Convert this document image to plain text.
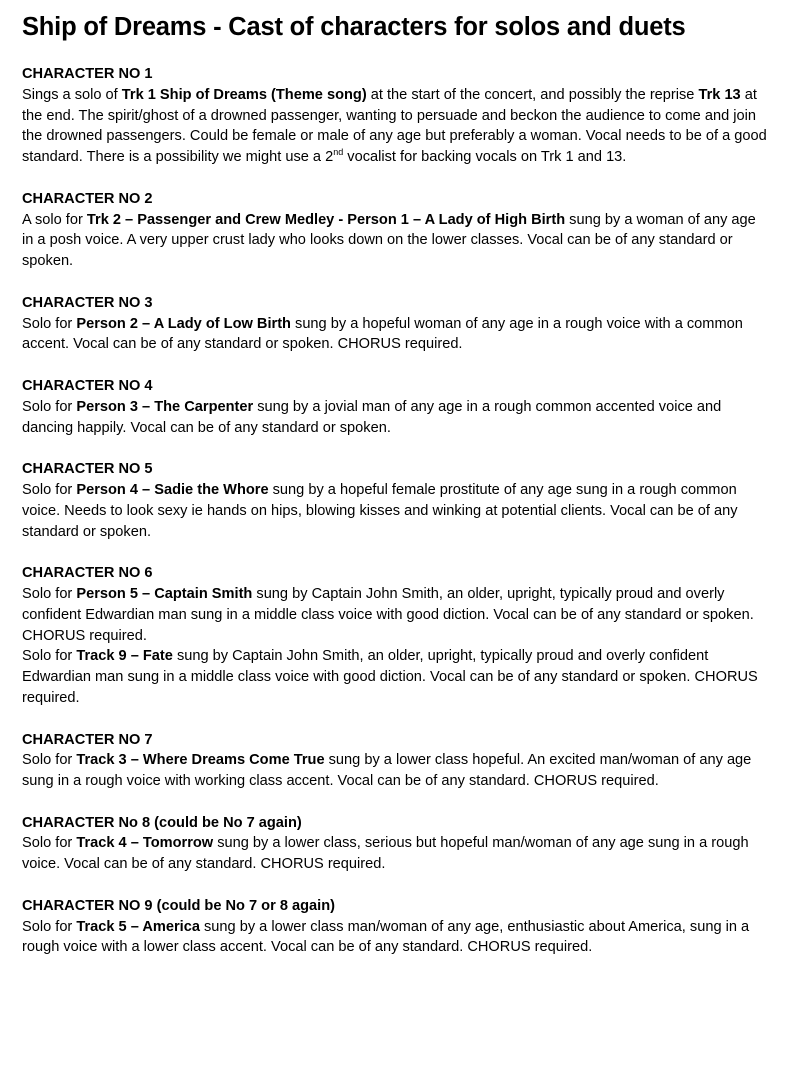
Ship of Dreams - Cast of characters for solos and duets
CHARACTER NO 1
Sings a solo of Trk 1 Ship of Dreams (Theme song) at the start of the concert, and possibly the reprise Trk 13 at the end. The spirit/ghost of a drowned passenger, wanting to persuade and beckon the audience to come and join the drowned passengers. Could be female or male of any age but preferably a woman. Vocal needs to be of a good standard. There is a possibility we might use a 2nd vocalist for backing vocals on Trk 1 and 13.
CHARACTER NO 2
A solo for Trk 2 – Passenger and Crew Medley - Person 1 – A Lady of High Birth sung by a woman of any age in a posh voice. A very upper crust lady who looks down on the lower classes. Vocal can be of any standard or spoken.
CHARACTER NO 3
Solo for Person 2 – A Lady of Low Birth sung by a hopeful woman of any age in a rough voice with a common accent. Vocal can be of any standard or spoken. CHORUS required.
CHARACTER NO 4
Solo for Person 3 – The Carpenter sung by a jovial man of any age in a rough common accented voice and dancing happily. Vocal can be of any standard or spoken.
CHARACTER NO 5
Solo for Person 4 – Sadie the Whore sung by a hopeful female prostitute of any age sung in a rough common voice. Needs to look sexy ie hands on hips, blowing kisses and winking at potential clients. Vocal can be of any standard or spoken.
CHARACTER NO 6
Solo for Person 5 – Captain Smith sung by Captain John Smith, an older, upright, typically proud and overly confident Edwardian man sung in a middle class voice with good diction. Vocal can be of any standard or spoken. CHORUS required.
Solo for Track 9 – Fate sung by Captain John Smith, an older, upright, typically proud and overly confident Edwardian man sung in a middle class voice with good diction. Vocal can be of any standard or spoken. CHORUS required.
CHARACTER NO 7
Solo for Track 3 – Where Dreams Come True sung by a lower class hopeful. An excited man/woman of any age sung in a rough voice with working class accent. Vocal can be of any standard. CHORUS required.
CHARACTER No 8 (could be No 7 again)
Solo for Track 4 – Tomorrow sung by a lower class, serious but hopeful man/woman of any age sung in a rough voice. Vocal can be of any standard. CHORUS required.
CHARACTER NO 9 (could be No 7 or 8 again)
Solo for Track 5 – America sung by a lower class man/woman of any age, enthusiastic about America, sung in a rough voice with a lower class accent. Vocal can be of any standard. CHORUS required.
